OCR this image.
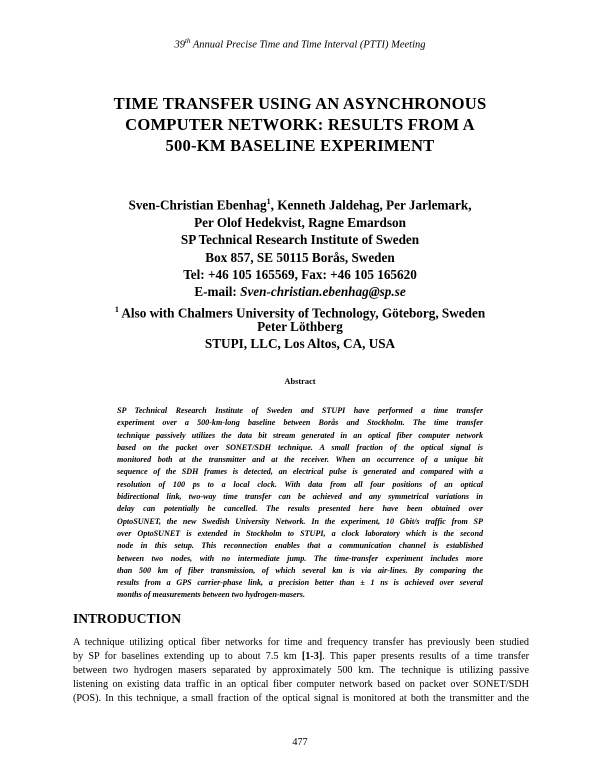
39th Annual Precise Time and Time Interval (PTTI) Meeting
TIME TRANSFER USING AN ASYNCHRONOUS
COMPUTER NETWORK: RESULTS FROM A
500-KM BASELINE EXPERIMENT
Sven-Christian Ebenhag$^1$, Kenneth Jaldehag, Per Jarlemark,
Per Olof Hedekvist, Ragne Emardson
SP Technical Research Institute of Sweden
Box 857, SE 50115 Borås, Sweden
Tel: +46 105 165569, Fax: +46 105 165620
E-mail: Sven-christian.ebenhag@sp.se
$^1$ Also with Chalmers University of Technology, Göteborg, Sweden
Peter Löthberg
STUPI, LLC, Los Altos, CA, USA
Abstract
SP Technical Research Institute of Sweden and STUPI have performed a time transfer
experiment over a 500-km-long baseline between Borås and Stockholm. The time transfer
technique passively utilizes the data bit stream generated in an optical fiber computer network
based on the packet over SONET/SDH technique. A small fraction of the optical signal is
monitored both at the transmitter and at the receiver. When an occurrence of a unique bit
sequence of the SDH frames is detected, an electrical pulse is generated and compared with a
resolution of 100 ps to a local clock. With data from all four positions of an optical
bidirectional link, two-way time transfer can be achieved and any symmetrical variations in
delay can potentially be cancelled. The results presented here have been obtained over
OptoSUNET, the new Swedish University Network. In the experiment, 10 Gbit/s traffic from SP
over OptoSUNET is extended in Stockholm to STUPI, a clock laboratory which is the second
node in this setup. This reconnection enables that a communication channel is established
between two nodes, with no intermediate jump. The time-transfer experiment includes more
than 500 km of fiber transmission, of which several km is via air-lines. By comparing the
results from a GPS carrier-phase link, a precision better than ± 1 ns is achieved over several
months of measurements between two hydrogen-masers.
INTRODUCTION
A technique utilizing optical fiber networks for time and frequency transfer has previously been studied
by SP for baselines extending up to about 7.5 km [1-3]. This paper presents results of a time transfer
between two hydrogen masers separated by approximately 500 km. The technique is utilizing passive
listening on existing data traffic in an optical fiber computer network based on packet over SONET/SDH
(POS). In this technique, a small fraction of the optical signal is monitored at both the transmitter and the
477
